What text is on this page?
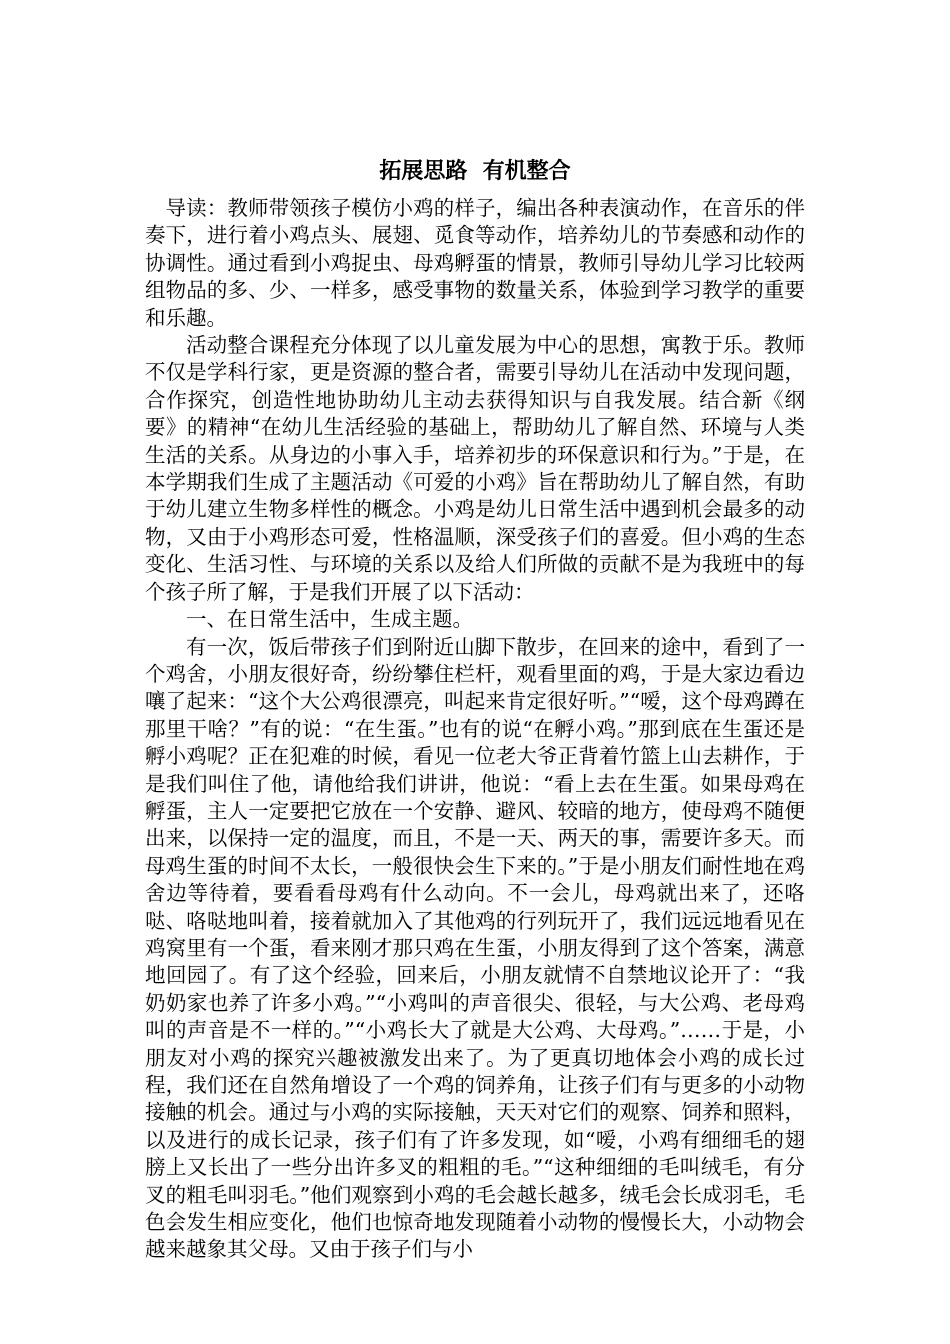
拓展思路  有机整合

导读：教师带领孩子模仿小鸡的样子，编出各种表演动作，在音乐的伴奏下，进行着小鸡点头、展翅、觅食等动作，培养幼儿的节奏感和动作的协调性。通过看到小鸡捉虫、母鸡孵蛋的情景，教师引导幼儿学习比较两组物品的多、少、一样多，感受事物的数量关系，体验到学习教学的重要和乐趣。

活动整合课程充分体现了以儿童发展为中心的思想，寓教于乐。教师不仅是学科行家，更是资源的整合者，需要引导幼儿在活动中发现问题，合作探究，创造性地协助幼儿主动去获得知识与自我发展。结合新《纲要》的精神“在幼儿生活经验的基础上，帮助幼儿了解自然、环境与人类生活的关系。从身边的小事入手，培养初步的环保意识和行为。”于是，在本学期我们生成了主题活动《可爱的小鸡》旨在帮助幼儿了解自然，有助于幼儿建立生物多样性的概念。小鸡是幼儿日常生活中遇到机会最多的动物，又由于小鸡形态可爱，性格温顺，深受孩子们的喜爱。但小鸡的生态变化、生活习性、与环境的关系以及给人们所做的贡献不是为我班中的每个孩子所了解，于是我们开展了以下活动：

一、在日常生活中，生成主题。

有一次，饭后带孩子们到附近山脚下散步，在回来的途中，看到了一个鸡舍，小朋友很好奇，纷纷攀住栏杆，观看里面的鸡，于是大家边看边嚷了起来：“这个大公鸡很漂亮，叫起来肯定很好听。”“嗳，这个母鸡蹲在那里干啥？”有的说：“在生蛋。”也有的说“在孵小鸡。”那到底在生蛋还是孵小鸡呢？正在犯难的时候，看见一位老大爷正背着竹篮上山去耕作，于是我们叫住了他，请他给我们讲讲，他说：“看上去在生蛋。如果母鸡在孵蛋，主人一定要把它放在一个安静、避风、较暗的地方，使母鸡不随便出来，以保持一定的温度，而且，不是一天、两天的事，需要许多天。而母鸡生蛋的时间不太长，一般很快会生下来的。”于是小朋友们耐性地在鸡舍边等待着，要看看母鸡有什么动向。不一会儿，母鸡就出来了，还咯哒、咯哒地叫着，接着就加入了其他鸡的行列玩开了，我们远远地看见在鸡窝里有一个蛋，看来刚才那只鸡在生蛋，小朋友得到了这个答案，满意地回园了。有了这个经验，回来后，小朋友就情不自禁地议论开了：“我奶奶家也养了许多小鸡。”“小鸡叫的声音很尖、很轻，与大公鸡、老母鸡叫的声音是不一样的。”“小鸡长大了就是大公鸡、大母鸡。”……于是，小朋友对小鸡的探究兴趣被激发出来了。为了更真切地体会小鸡的成长过程，我们还在自然角增设了一个鸡的饲养角，让孩子们有与更多的小动物接触的机会。通过与小鸡的实际接触，天天对它们的观察、饲养和照料，以及进行的成长记录，孩子们有了许多发现，如“嗳，小鸡有细细毛的翅膀上又长出了一些分出许多叉的粗粗的毛。”“这种细细的毛叫绒毛，有分叉的粗毛叫羽毛。”他们观察到小鸡的毛会越长越多，绒毛会长成羽毛，毛色会发生相应变化，他们也惊奇地发现随着小动物的慢慢长大，小动物会越来越象其父母。又由于孩子们与小
